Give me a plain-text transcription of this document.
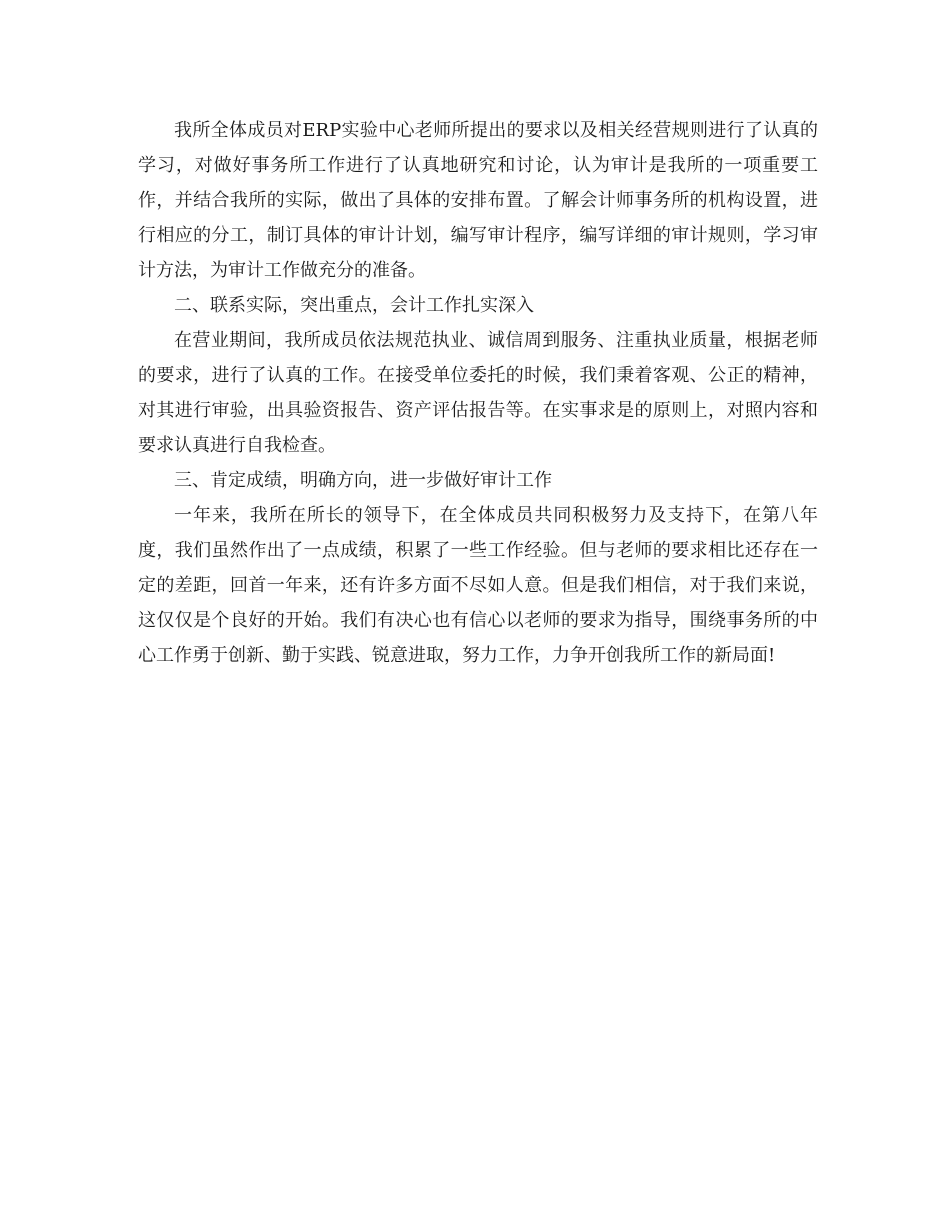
我所全体成员对ERP实验中心老师所提出的要求以及相关经营规则进行了认真的学习，对做好事务所工作进行了认真地研究和讨论，认为审计是我所的一项重要工作，并结合我所的实际，做出了具体的安排布置。了解会计师事务所的机构设置，进行相应的分工，制订具体的审计计划，编写审计程序，编写详细的审计规则，学习审计方法，为审计工作做充分的准备。

二、联系实际，突出重点，会计工作扎实深入

在营业期间，我所成员依法规范执业、诚信周到服务、注重执业质量，根据老师的要求，进行了认真的工作。在接受单位委托的时候，我们秉着客观、公正的精神，对其进行审验，出具验资报告、资产评估报告等。在实事求是的原则上，对照内容和要求认真进行自我检查。

三、肯定成绩，明确方向，进一步做好审计工作

一年来，我所在所长的领导下，在全体成员共同积极努力及支持下，在第八年度，我们虽然作出了一点成绩，积累了一些工作经验。但与老师的要求相比还存在一定的差距，回首一年来，还有许多方面不尽如人意。但是我们相信，对于我们来说，这仅仅是个良好的开始。我们有决心也有信心以老师的要求为指导，围绕事务所的中心工作勇于创新、勤于实践、锐意进取，努力工作，力争开创我所工作的新局面!
